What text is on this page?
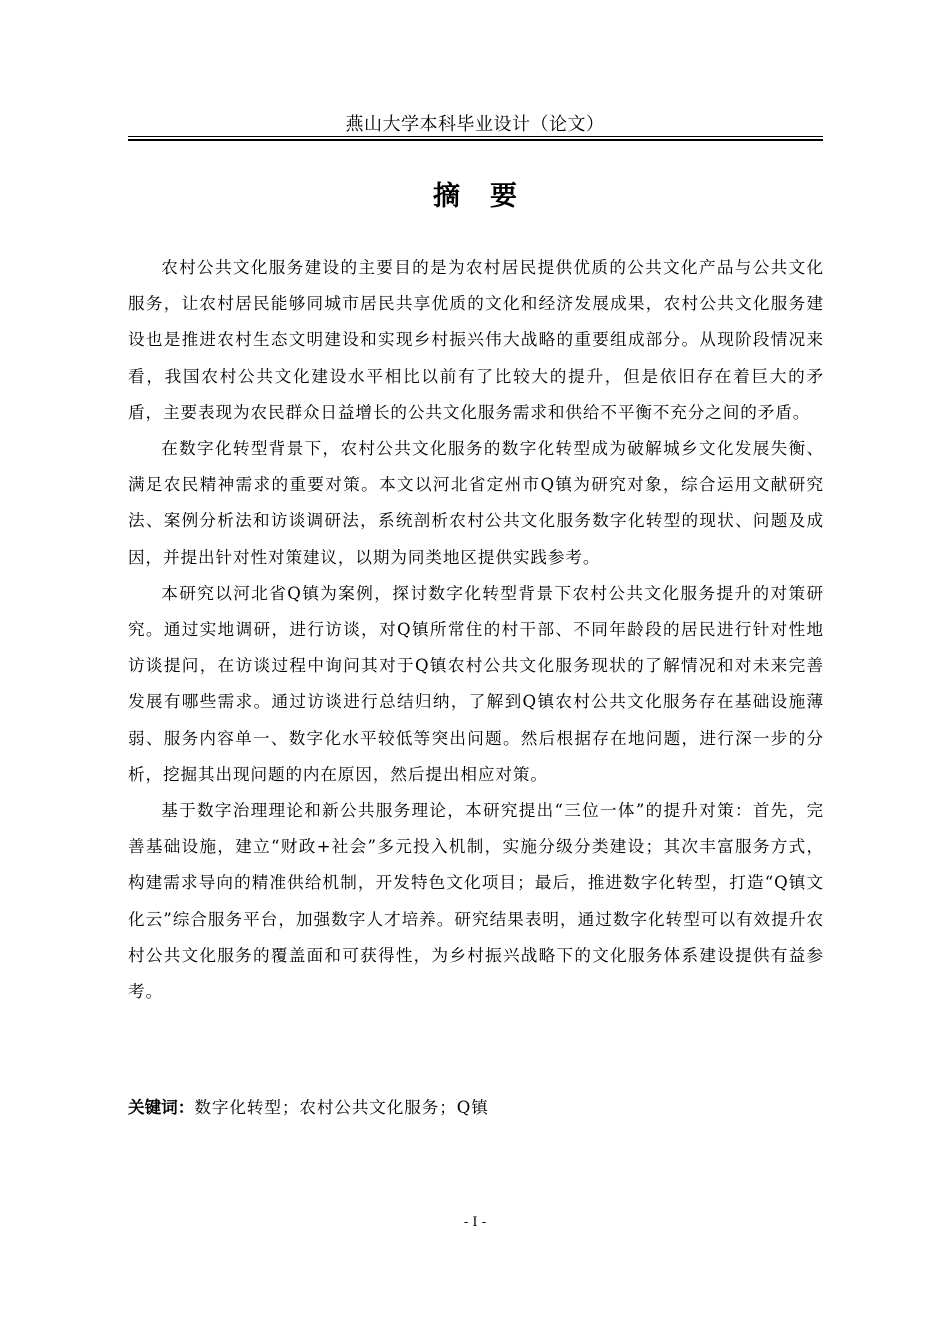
燕山大学本科毕业设计（论文）
摘 要

农村公共文化服务建设的主要目的是为农村居民提供优质的公共文化产品与公共文化服务，让农村居民能够同城市居民共享优质的文化和经济发展成果，农村公共文化服务建设也是推进农村生态文明建设和实现乡村振兴伟大战略的重要组成部分。从现阶段情况来看，我国农村公共文化建设水平相比以前有了比较大的提升，但是依旧存在着巨大的矛盾，主要表现为农民群众日益增长的公共文化服务需求和供给不平衡不充分之间的矛盾。

在数字化转型背景下，农村公共文化服务的数字化转型成为破解城乡文化发展失衡、满足农民精神需求的重要对策。本文以河北省定州市Q镇为研究对象，综合运用文献研究法、案例分析法和访谈调研法，系统剖析农村公共文化服务数字化转型的现状、问题及成因，并提出针对性对策建议，以期为同类地区提供实践参考。

本研究以河北省Q镇为案例，探讨数字化转型背景下农村公共文化服务提升的对策研究。通过实地调研，进行访谈，对Q镇所常住的村干部、不同年龄段的居民进行针对性地访谈提问，在访谈过程中询问其对于Q镇农村公共文化服务现状的了解情况和对未来完善发展有哪些需求。通过访谈进行总结归纳，了解到Q镇农村公共文化服务存在基础设施薄弱、服务内容单一、数字化水平较低等突出问题。然后根据存在地问题，进行深一步的分析，挖掘其出现问题的内在原因，然后提出相应对策。

基于数字治理理论和新公共服务理论，本研究提出“三位一体”的提升对策：首先，完善基础设施，建立“财政+社会”多元投入机制，实施分级分类建设；其次丰富服务方式，构建需求导向的精准供给机制，开发特色文化项目；最后，推进数字化转型，打造“Q镇文化云”综合服务平台，加强数字人才培养。研究结果表明，通过数字化转型可以有效提升农村公共文化服务的覆盖面和可获得性，为乡村振兴战略下的文化服务体系建设提供有益参考。

关键词：数字化转型；农村公共文化服务；Q镇
- I -
